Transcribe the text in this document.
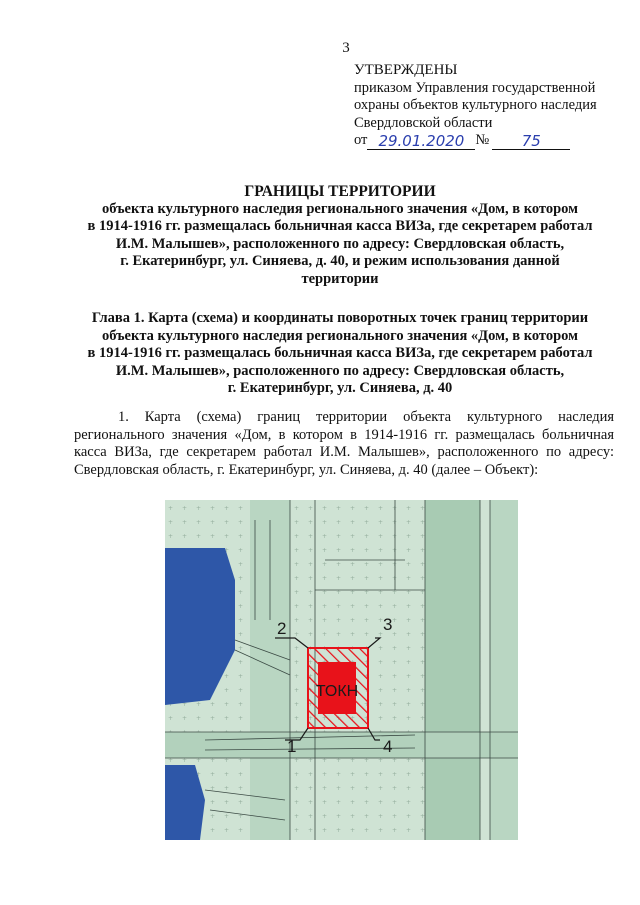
3
УТВЕРЖДЕНЫ
приказом Управления государственной
охраны объектов культурного наследия
Свердловской области
от 29.01.2020 №	75
ГРАНИЦЫ ТЕРРИТОРИИ
объекта культурного наследия регионального значения «Дом, в котором
в 1914-1916 гг. размещалась больничная касса ВИЗа, где секретарем работал
И.М. Малышев», расположенного по адресу: Свердловская область,
г. Екатеринбург, ул. Синяева, д. 40, и режим использования данной
территории
Глава 1. Карта (схема) и координаты поворотных точек границ территории
объекта культурного наследия регионального значения «Дом, в котором
в 1914-1916 гг. размещалась больничная касса ВИЗа, где секретарем работал
И.М. Малышев», расположенного по адресу: Свердловская область,
г. Екатеринбург, ул. Синяева, д. 40
1. Карта (схема) границ территории объекта культурного наследия
регионального значения «Дом, в котором в 1914-1916 гг. размещалась больничная
касса ВИЗа, где секретарем работал И.М. Малышев», расположенного по адресу:
Свердловская область, г. Екатеринбург, ул. Синяева, д. 40 (далее – Объект):
ТОКН
2	3
1	4
